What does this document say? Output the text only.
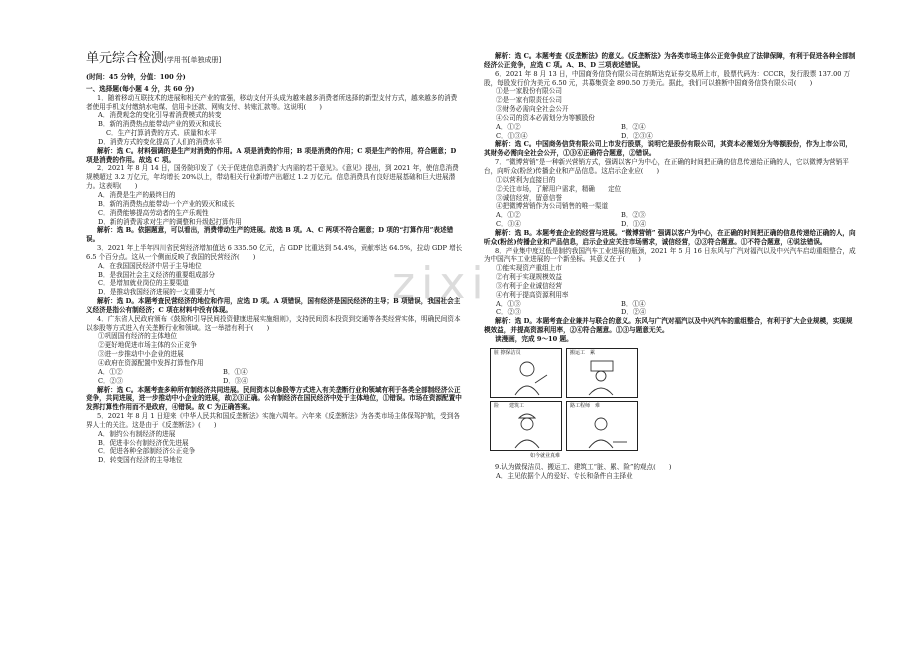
zixi
单元综合检测(学用书[单独成册]

(时间：45 分钟，分值：100 分)

一、选择题(每小题 4 分，共 60 分)

1．随着移动互联技术的进展和相关产业的富强，移动支付开头成为越来越多消费者所选择的新型支付方式，越来越多的消费者使用手机支付缴纳水电煤、信用卡还款、网购支付、转账汇款等。这说明(　　)

A．消费观念的变化引导着消费模式的转变

B．新的消费热点能带动产业的毁灭和成长

C．生产打算消费的方式、质量和水平

D．消费方式的变化提高了人们的消费水平

解析：选 C。材料强调的是生产对消费的作用。A 项是消费的作用；B 项是消费的作用；C 项是生产的作用，符合题意；D 项是消费的作用。故选 C 项。

2．2021 年 8 月 14 日，国务院印发了《关于促进信息消费扩大内需的若干意见》。《意见》提出，到 2021 年，使信息消费规模超过 3.2 万亿元，年均增长 20%以上，带动相关行业新增产出超过 1.2 万亿元。信息消费具有良好进展基础和巨大进展潜力。这表明(　　)

A．消费是生产的最终目的

B．新的消费热点能带动一个产业的毁灭和成长

C．消费能够提高劳动者的生产乐观性

D．新的消费需求对生产的调整和升级起打算作用

解析：选 B。依据题意，可以看出，消费带动生产的进展。故选 B 项。A、C 两项不符合题意；D 项的“打算作用”表述错误。

3．2021 年上半年四川省民营经济增加值达 6 335.50 亿元，占 GDP 比重达到 54.4%，贡献率达 64.5%，拉动 GDP 增长 6.5 个百分点。这从一个侧面反映了我国的民营经济(　　)

A．在我国国民经济中居于主导地位

B．是我国社会主义经济的重要组成部分

C．是增加就业岗位的主要渠道

D．是推动我国经济进展的一支重要力气

解析：选 D。本题考查民营经济的地位和作用，应选 D 项。A 项错误，国有经济是国民经济的主导；B 项错误，我国社会主义经济是指公有制经济；C 项在材料中没有体现。

4．广东省人民政府颁布《鼓励和引导民间投资健康进展实施细则》，支持民间资本投资到交通等各类经营实体，明确民间资本以参股等方式进入有关垄断行业和领域。这一举措有利于(　　)

①巩固国有经济的主体地位

②更好地促进市场主体的公正竞争

③进一步推动中小企业的进展

④政府在资源配置中发挥打算性作用

A．①②	B．①④
C．②③	D．③④

解析：选 C。本题考查多种所有制经济共同进展。民间资本以参股等方式进入有关垄断行业和领域有利于各类全部制经济公正竞争，共同进展，进一步推动中小企业的进展，故②③正确。公有制经济在国民经济中处于主体地位，①错误。市场在资源配置中发挥打算性作用而不是政府，④错误。故 C 为正确答案。

5．2021 年 8 月 1 日迎来《中华人民共和国反垄断法》实施六周年。六年来《反垄断法》为各类市场主体保驾护航，受到各界人士的关注。这是由于《反垄断法》(　　)

A．制约公有制经济的进展

B．促进非公有制经济优先进展

C．促进各种全部制经济公正竞争

D．转变国有经济的主导地位

解析：选 C。本题考查《反垄断法》的意义。《反垄断法》为各类市场主体公正竞争供应了法律保障，有利于促进各种全部制经济公正竞争，应选 C 项。A、B、D 三项表述错误。

6．2021 年 8 月 13 日，中国商务信贷有限公司在纳斯达克证券交易所上市，股票代码为：CCCR，发行股票 137.00 万股，每股发行价为美元 6.50 元，共募集资金 890.50 万美元。据此，我们可以推断中国商务信贷有限公司(　　)

①是一家股份有限公司

②是一家有限责任公司

③财务必需向全社会公开

④公司的资本必需划分为等额股份

A．①②	B．②④
C．①③④	D．②③④

解析：选 C。中国商务信贷有限公司上市发行股票，说明它是股份有限公司，其资本必需划分为等额股份，作为上市公司，其财务必需向全社会公开，①③④正确符合题意，②错误。

7．“微博营销”是一种新兴营销方式，强调以客户为中心，在正确的时间把正确的信息传递给正确的人，它以微博为营销平台，向听众(粉丝)传播企业和产品信息。这启示企业应(　　)

①以营利为直接目的

②关注市场，了解用户需求，精确　　定位

③诚信经营，留意信誉

④把微博营销作为公司销售的唯一渠道

A．①②	B．②③
C．③④	D．①④

解析：选 B。本题考查企业的经营与进展。“微博营销” 强调以客户为中心，在正确的时间把正确的信息传递给正确的人，向听众(粉丝)传播企业和产品信息，启示企业应关注市场需求，诚信经营，②③符合题意。①不符合题意，④说法错误。

8．产业集中度过低是制约我国汽车工业进展的瓶颈，2021 年 5 月 16 日东风与广汽对福汽以及中兴汽车启动重组整合，成为中国汽车工业进展的一个新坐标。其意义在于(　　)

①能实现资产重组上市

②有利于实现规模效益

③有利于企业诚信经营

④有利于提高资源利用率

A．①③	B．①④
C．②③	D．②④

解析：选 D。本题考查企业兼并与联合的意义。东风与广汽对福汽以及中兴汽车的重组整合，有利于扩大企业规模，实现规模效益，并提高资源利用率，②④符合题意。①③与题意无关。

读漫画，完成 9～10 题。

脏 擦保洁员	搬运工　累
险　　建筑工	路工程师　难
如今就业真难

9.认为做保洁员、搬运工、建筑工“脏、累、险”的观点(　　)

A．主见依据个人的爱好、专长和条件自主择业
